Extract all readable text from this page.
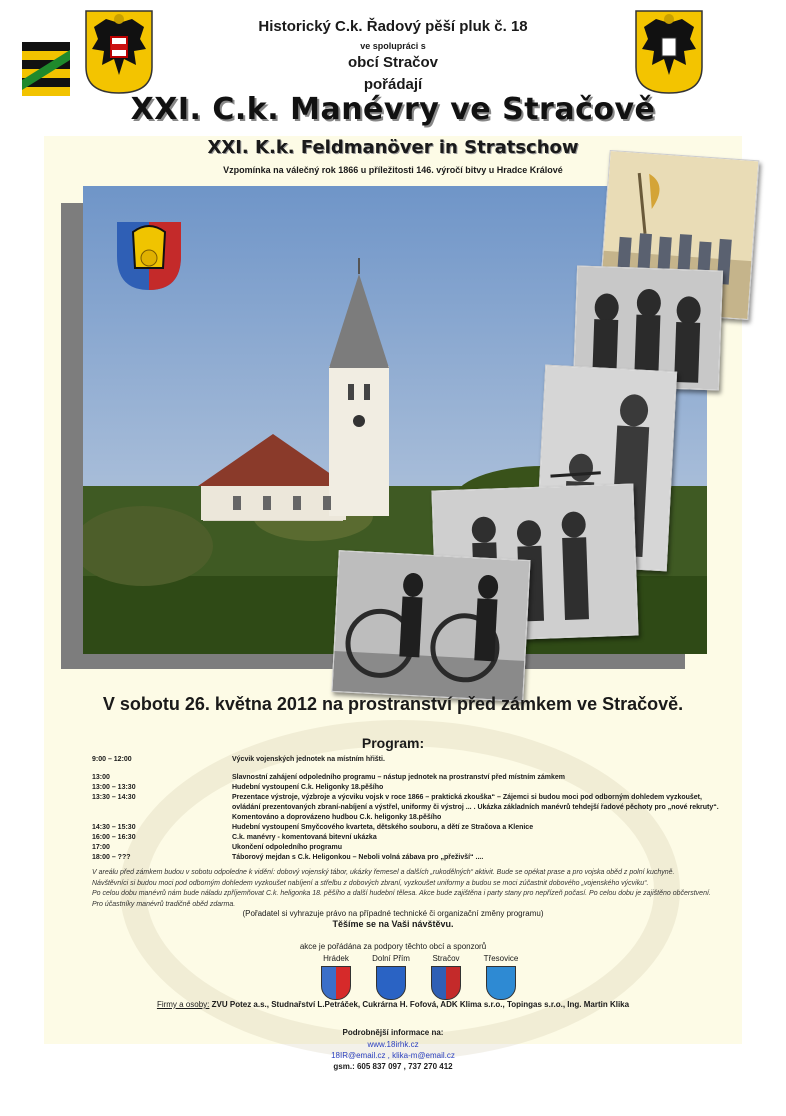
Historický C.k. Řadový pěší pluk č. 18
ve spolupráci s
obcí Stračov
pořádají
XXI. C.k. Manévry ve Stračově
XXI. K.k. Feldmanöver in Stratschow
Vzpomínka na válečný rok 1866 u příležitosti 146. výročí bitvy u Hradce Králové
V sobotu 26. května 2012 na prostranství před zámkem ve Stračově.
Program:
9:00 – 12:00	Výcvik vojenských jednotek na místním hřišti.
13:00	Slavnostní zahájení odpoledního programu – nástup jednotek na prostranství před místním zámkem
13:00 – 13:30	Hudební vystoupení C.k. Heligonky 18.pěšího
13:30 – 14:30	Prezentace výstroje, výzbroje a výcviku vojsk v roce 1866 – praktická zkouška“ – Zájemci si budou moci pod odborným dohledem vyzkoušet,
ovládání prezentovaných zbraní-nabíjení a výstřel, uniformy či výstroj ... . Ukázka základních manévrů tehdejší řadové pěchoty pro „nové rekruty“.
Komentováno a doprovázeno hudbou C.k. heligonky 18.pěšího
14:30 – 15:30	Hudební vystoupení Smyčcového kvarteta, dětského souboru, a dětí ze Stračova a Klenice
16:00 – 16:30	C.k. manévry - komentovaná bitevní ukázka
17:00	Ukončení odpoledního programu
18:00 – ???	Táborový mejdan s C.k. Heligonkou – Neboli volná zábava pro „přeživší“ ....
V areálu před zámkem budou v sobotu odpoledne k vidění: dobový vojenský tábor, ukázky řemesel a dalších „rukodělných“ aktivit. Bude se opékat prase a pro vojska oběd z polní kuchyně.
Návštěvníci si budou moci pod odborným dohledem vyzkoušet nabíjení a střelbu z dobových zbraní, vyzkoušet uniformy a budou se moci zúčastnit dobového „vojenského výcviku“.
Po celou dobu manévrů nám bude náladu zpříjemňovat C.k. heligonka 18. pěšího a další hudební tělesa. Akce bude zajištěna i party stany pro nepřízeň počasí. Po celou dobu je zajištěno občerstvení.
Pro účastníky manévrů tradičně oběd zdarma.
(Pořadatel si vyhrazuje právo na případné technické či organizační změny programu)
Těšíme se na Vaši návštěvu.
akce je pořádána za podpory těchto obcí a sponzorů
Hrádek	Dolní Přím	Stračov	Třesovice
Firmy a osoby: ZVU Potez a.s., Studnařství L.Petráček, Cukrárna H. Fofová, ADK Klima s.r.o., Topingas s.r.o., Ing. Martin Klika
Podrobnější informace na:
www.18irhk.cz
18IR@email.cz , klika-m@email.cz
gsm.: 605 837 097 , 737 270 412
